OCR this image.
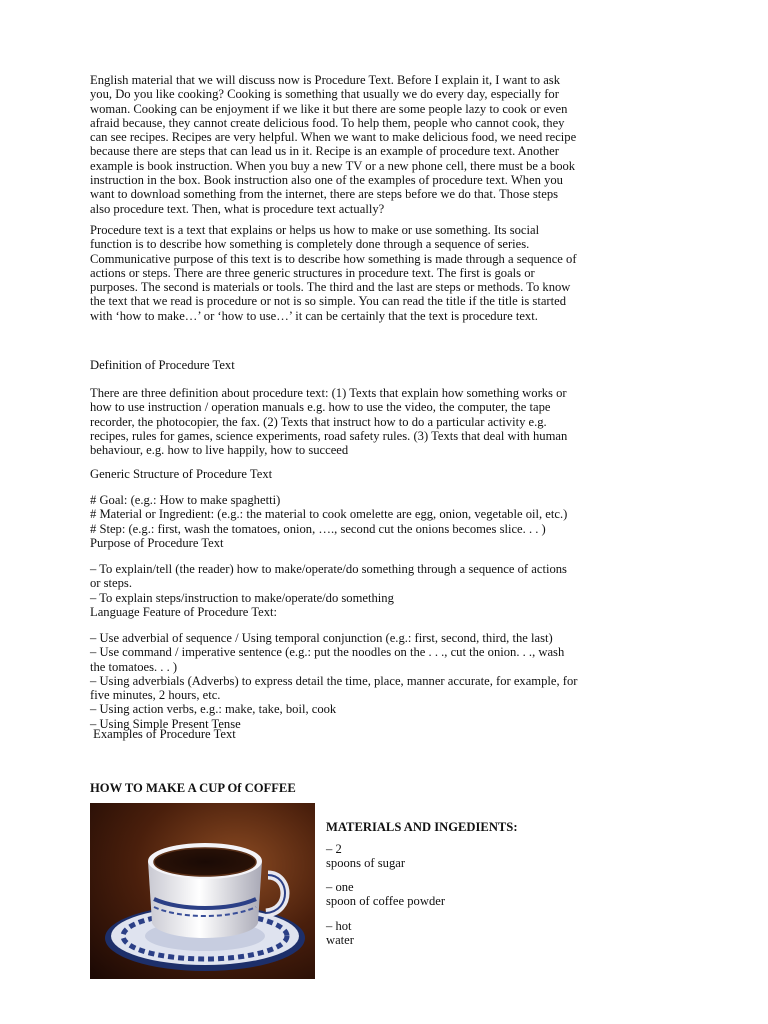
English material that we will discuss now is Procedure Text. Before I explain it, I want to ask
you, Do you like cooking? Cooking is something that usually we do every day, especially for
woman. Cooking can be enjoyment if we like it but there are some people lazy to cook or even
afraid because, they cannot create delicious food. To help them, people who cannot cook, they
can see recipes. Recipes are very helpful. When we want to make delicious food, we need recipe
because there are steps that can lead us in it. Recipe is an example of procedure text. Another
example is book instruction. When you buy a new TV or a new phone cell, there must be a book
instruction in the box. Book instruction also one of the examples of procedure text. When you
want to download something from the internet, there are steps before we do that. Those steps
also procedure text. Then, what is procedure text actually?

Procedure text is a text that explains or helps us how to make or use something. Its social
function is to describe how something is completely done through a sequence of series.
Communicative purpose of this text is to describe how something is made through a sequence of
actions or steps. There are three generic structures in procedure text. The first is goals or
purposes. The second is materials or tools. The third and the last are steps or methods. To know
the text that we read is procedure or not is so simple. You can read the title if the title is started
with ‘how to make…’ or ‘how to use…’ it can be certainly that the text is procedure text.

Definition of Procedure Text

There are three definition about procedure text: (1) Texts that explain how something works or
how to use instruction / operation manuals e.g. how to use the video, the computer, the tape
recorder, the photocopier, the fax. (2) Texts that instruct how to do a particular activity e.g.
recipes, rules for games, science experiments, road safety rules. (3) Texts that deal with human
behaviour, e.g. how to live happily, how to succeed

Generic Structure of Procedure Text

# Goal: (e.g.: How to make spaghetti)
# Material or Ingredient: (e.g.: the material to cook omelette are egg, onion, vegetable oil, etc.)
# Step: (e.g.: first, wash the tomatoes, onion, …., second cut the onions becomes slice. . . )
Purpose of Procedure Text

– To explain/tell (the reader) how to make/operate/do something through a sequence of actions
or steps.
– To explain steps/instruction to make/operate/do something
Language Feature of Procedure Text:

– Use adverbial of sequence / Using temporal conjunction (e.g.: first, second, third, the last)
– Use command / imperative sentence (e.g.: put the noodles on the . . ., cut the onion. . ., wash
the tomatoes. . . )
– Using adverbials (Adverbs) to express detail the time, place, manner accurate, for example, for
five minutes, 2 hours, etc.
– Using action verbs, e.g.: make, take, boil, cook
– Using Simple Present Tense

Examples of Procedure Text

HOW TO MAKE A CUP Of COFFEE

MATERIALS AND INGEDIENTS:
– 2
spoons of sugar
– one
spoon of coffee powder
– hot
water
